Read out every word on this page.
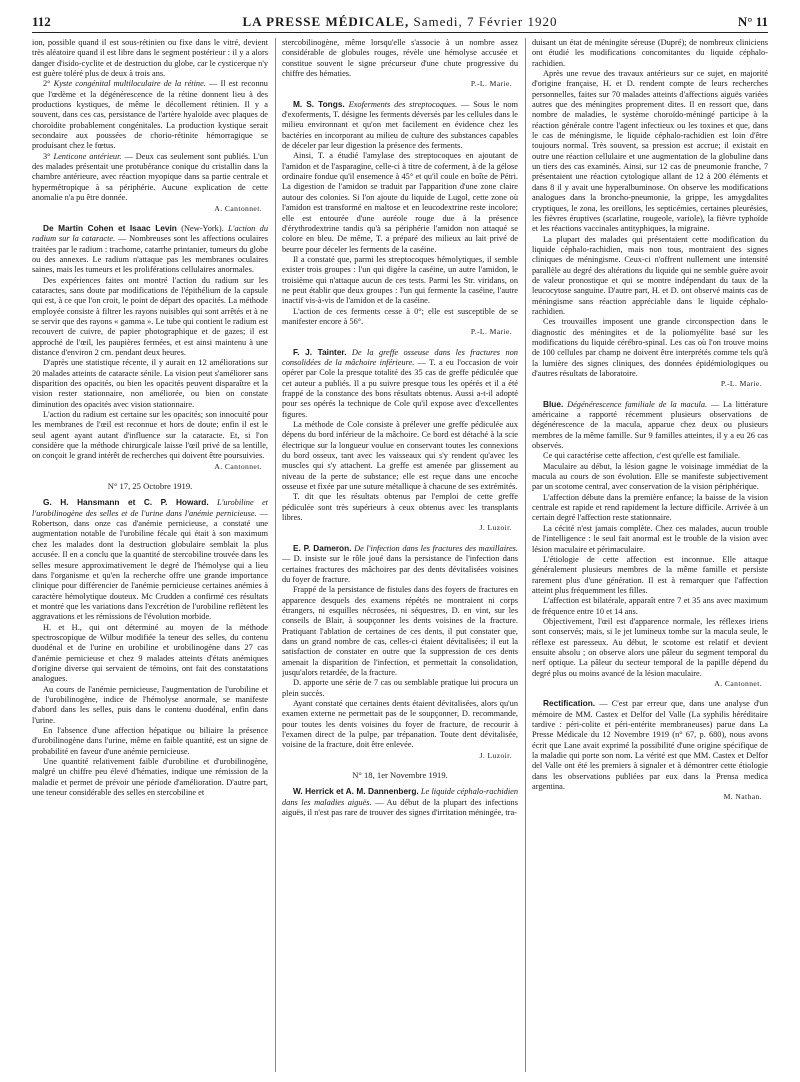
112	LA PRESSE MÉDICALE, Samedi, 7 Février 1920	N° 11

ion, possible quand il est sous-rétinien ou fixe dans le vitré, devient très aléatoire quand il est libre dans le segment postérieur : il y a alors danger d'isido-cyclite et de destruction du globe, car le cysticerque n'y est guère toléré plus de deux à trois ans.

2° Kyste congénital multiloculaire de la rétine. — Il est reconnu que l'œdème et la dégénérescence de la rétine donnent lieu à des productions kystiques, de même le décollement rétinien. Il y a souvent, dans ces cas, persistance de l'artère hyaloïde avec plaques de choroïdite probablement congénitales. La production kystique serait secondaire aux poussées de chorio-rétinite hémorragique se produisant chez le fœtus.

3° Lenticone antérieur. — Deux cas seulement sont publiés. L'un des malades présentait une protubérance conique du cristallin dans la chambre antérieure, avec réaction myopique dans sa partie centrale et hypermétropique à sa périphérie. Aucune explication de cette anomalie n'a pu être donnée.

A. Cantonnet.

De Martin Cohen et Isaac Levin (New-York). L'action du radium sur la cataracte. — Nombreuses sont les affections oculaires traitées par le radium : trachome, catarrhe printanier, tumeurs du globe ou des annexes. Le radium n'attaque pas les membranes oculaires saines, mais les tumeurs et les proliférations cellulaires anormales.

Des expériences faites ont montré l'action du radium sur les cataractes, sans doute par modifications de l'épithélium de la capsule qui est, à ce que l'on croit, le point de départ des opacités. La méthode employée consiste à filtrer les rayons nuisibles qui sont arrêtés et à ne se servir que des rayons « gamma ». Le tube qui contient le radium est recouvert de cuivre, de papier photographique et de gazes; il est approché de l'œil, les paupières fermées, et est ainsi maintenu à une distance d'environ 2 cm. pendant deux heures.

D'après une statistique récente, il y aurait en 12 améliorations sur 20 malades atteints de cataracte sénile. La vision peut s'améliorer sans disparition des opacités, ou bien les opacités peuvent disparaître et la vision rester stationnaire, non améliorée, ou bien on constate diminution des opacités avec vision stationnaire.

L'action du radium est certaine sur les opacités; son innocuité pour les membranes de l'œil est reconnue et hors de doute; enfin il est le seul agent ayant autant d'influence sur la cataracte. Et, si l'on considère que la méthode chirurgicale laisse l'œil privé de sa lentille, on conçoit le grand intérêt de recherches qui doivent être poursuivies.

A. Cantonnet.
N° 17, 25 Octobre 1919.

G. H. Hansmann et C. P. Howard. L'urobiline et l'urobilinogène des selles et de l'urine dans l'anémie pernicieuse. — Robertson, dans onze cas d'anémie pernicieuse, a constaté une augmentation notable de l'urobiline fécale qui était à son maximum chez les malades dont la destruction globulaire semblait la plus accusée. Il en a conclu que la quantité de stercobiline trouvée dans les selles mesure approximativement le degré de l'hémolyse qui a lieu dans l'organisme et qu'en la recherche offre une grande importance clinique pour différencier de l'anémie pernicieuse certaines anémies à caractère hémolytique douteux. Mc Crudden a confirmé ces résultats et montré que les variations dans l'excrétion de l'urobiline reflètent les aggravations et les rémissions de l'évolution morbide.

H. et H., qui ont déterminé au moyen de la méthode spectroscopique de Wilbur modifiée la teneur des selles, du contenu duodénal et de l'urine en urobiline et urobilinogène dans 27 cas d'anémie pernicieuse et chez 9 malades atteints d'états anémiques d'origine diverse qui servaient de témoins, ont fait des constatations analogues.

Au cours de l'anémie pernicieuse, l'augmentation de l'urobiline et de l'urobilinogène, indice de l'hémolyse anormale, se manifeste d'abord dans les selles, puis dans le contenu duodénal, enfin dans l'urine.

En l'absence d'une affection hépatique ou biliaire la présence d'urobilinogène dans l'urine, même en faible quantité, est un signe de probabilité en faveur d'une anémie pernicieuse.

Une quantité relativement faible d'urobiline et d'urobilinogène, malgré un chiffre peu élevé d'hématies, indique une rémission de la maladie et permet de prévoir une période d'amélioration. D'autre part, une teneur considérable des selles en stercobiline et

stercobilinogène, même lorsqu'elle s'associe à un nombre assez considérable de globules rouges, révèle une hémolyse accusée et constitue souvent le signe précurseur d'une chute progressive du chiffre des hématies.

P.-L. Marie.

M. S. Tongs. Exoferments des streptocoques. — Sous le nom d'exoferments, T. désigne les ferments déversés par les cellules dans le milieu environnant et qu'on met facilement en évidence chez les bactéries en incorporant au milieu de culture des substances capables de déceler par leur digestion la présence des ferments.

Ainsi, T. a étudié l'amylase des streptocoques en ajoutant de l'amidon et de l'asparagine, celle-ci à titre de coferment, à de la gélose ordinaire fondue qu'il ensemence à 45° et qu'il coule en boîte de Pétri. La digestion de l'amidon se traduit par l'apparition d'une zone claire autour des colonies. Si l'on ajoute du liquide de Lugol, cette zone où l'amidon est transformé en maltose et en leucodextrine reste incolore; elle est entourée d'une auréole rouge due à la présence d'érythrodextrine tandis qu'à sa périphérie l'amidon non attaqué se colore en bleu. De même, T. a préparé des milieux au lait privé de beurre pour déceler les ferments de la caséine.

Il a constaté que, parmi les streptocoques hémolytiques, il semble exister trois groupes : l'un qui digère la caséine, un autre l'amidon, le troisième qui n'attaque aucun de ces tests. Parmi les Str. viridans, on ne peut établir que deux groupes : l'un qui fermente la caséine, l'autre inactif vis-à-vis de l'amidon et de la caséine.

L'action de ces ferments cesse à 0°; elle est susceptible de se manifester encore à 56°.

P.-L. Marie.

F. J. Tainter. De la greffe osseuse dans les fractures non consolidées de la mâchoire inférieure. — T. a eu l'occasion de voir opérer par Cole la presque totalité des 35 cas de greffe pédiculée que cet auteur a publiés. Il a pu suivre presque tous les opérés et il a été frappé de la constance des bons résultats obtenus. Aussi a-t-il adopté pour ses opérés la technique de Cole qu'il expose avec d'excellentes figures.

La méthode de Cole consiste à prélever une greffe pédiculée aux dépens du bord inférieur de la mâchoire. Ce bord est détaché à la scie électrique sur la longueur voulue en conservant toutes les connexions du bord osseux, tant avec les vaisseaux qui s'y rendent qu'avec les muscles qui s'y attachent. La greffe est amenée par glissement au niveau de la perte de substance; elle est reçue dans une encoche osseuse et fixée par une suture métallique à chacune de ses extrémités.

T. dit que les résultats obtenus par l'emploi de cette greffe pédiculée sont très supérieurs à ceux obtenus avec les transplants libres.

J. Luzoir.

E. P. Dameron. De l'infection dans les fractures des maxillaires. — D. insiste sur le rôle joué dans la persistance de l'infection dans certaines fractures des mâchoires par des dents dévitalisées voisines du foyer de fracture.

Frappé de la persistance de fistules dans des foyers de fractures en apparence desquels des examens répétés ne montraient ni corps étrangers, ni esquilles nécrosées, ni séquestres, D. en vint, sur les conseils de Blair, à soupçonner les dents voisines de la fracture. Pratiquant l'ablation de certaines de ces dents, il put constater que, dans un grand nombre de cas, celles-ci étaient dévitalisées; il eut la satisfaction de constater en outre que la suppression de ces dents amenait la disparition de l'infection, et permettait la consolidation, jusqu'alors retardée, de la fracture.

D. apporte une série de 7 cas ou semblable pratique lui procura un plein succès.

Ayant constaté que certaines dents étaient dévitalisées, alors qu'un examen externe ne permettait pas de le soupçonner, D. recommande, pour toutes les dents voisines du foyer de fracture, de recourir à l'examen direct de la pulpe, par trépanation. Toute dent dévitalisée, voisine de la fracture, doit être enlevée.

J. Luzoir.
N° 18, 1er Novembre 1919.

W. Herrick et A. M. Dannenberg. Le liquide céphalo-rachidien dans les maladies aiguës. — Au début de la plupart des infections aiguës, il n'est pas rare de trouver des signes d'irritation méningée, tra-

duisant un état de méningite séreuse (Dupré); de nombreux cliniciens ont étudié les modifications concomitantes du liquide céphalo-rachidien.

Après une revue des travaux antérieurs sur ce sujet, en majorité d'origine française, H. et D. rendent compte de leurs recherches personnelles, faites sur 70 malades atteints d'affections aiguës variées autres que des méningites proprement dites. Il en ressort que, dans nombre de maladies, le système choroïdo-méningé participe à la réaction générale contre l'agent infectieux ou les toxines et que, dans le cas de méningisme, le liquide céphalo-rachidien est loin d'être toujours normal. Très souvent, sa pression est accrue; il existait en outre une réaction cellulaire et une augmentation de la globuline dans un tiers des cas examinés. Ainsi, sur 12 cas de pneumonie franche, 7 présentaient une réaction cytologique allant de 12 à 200 éléments et dans 8 il y avait une hyperalbuminose. On observe les modifications analogues dans la broncho-pneumonie, la grippe, les amygdalites cryptiques, le zona, les oreillons, les septicémies, certaines pleurésies, les fièvres éruptives (scarlatine, rougeole, variole), la fièvre typhoïde et les réactions vaccinales antityphiques, la migraine.

La plupart des malades qui présentaient cette modification du liquide céphalo-rachidien, mais non tous, montraient des signes cliniques de méningisme. Ceux-ci n'offrent nullement une intensité parallèle au degré des altérations du liquide qui ne semble guère avoir de valeur pronostique et qui se montre indépendant du taux de la leucocytose sanguine. D'autre part, H. et D. ont observé maints cas de méningisme sans réaction appréciable dans le liquide céphalo-rachidien.

Ces trouvailles imposent une grande circonspection dans le diagnostic des méningites et de la poliomyélite basé sur les modifications du liquide cérébro-spinal. Les cas où l'on trouve moins de 100 cellules par champ ne doivent être interprétés comme tels qu'à la lumière des signes cliniques, des données épidémiologiques ou d'autres résultats de laboratoire.

P.-L. Marie.

Blue. Dégénérescence familiale de la macula. — La littérature américaine a rapporté récemment plusieurs observations de dégénérescence de la macula, apparue chez deux ou plusieurs membres de la même famille. Sur 9 familles atteintes, il y a eu 26 cas observés.

Ce qui caractérise cette affection, c'est qu'elle est familiale.

Maculaire au début, la lésion gagne le voisinage immédiat de la macula au cours de son évolution. Elle se manifeste subjectivement par un scotome central, avec conservation de la vision périphérique.

L'affection débute dans la première enfance; la baisse de la vision centrale est rapide et rend rapidement la lecture difficile. Arrivée à un certain degré l'affection reste stationnaire.

La cécité n'est jamais complète. Chez ces malades, aucun trouble de l'intelligence : le seul fait anormal est le trouble de la vision avec lésion maculaire et périmaculaire.

L'étiologie de cette affection est inconnue. Elle attaque généralement plusieurs membres de la même famille et persiste rarement plus d'une génération. Il est à remarquer que l'affection atteint plus fréquemment les filles.

L'affection est bilatérale, apparaît entre 7 et 35 ans avec maximum de fréquence entre 10 et 14 ans.

Objectivement, l'œil est d'apparence normale, les réflexes iriens sont conservés; mais, si le jet lumineux tombe sur la macula seule, le réflexe est paresseux. Au début, le scotome est relatif et devient ensuite absolu ; on observe alors une pâleur du segment temporal du nerf optique. La pâleur du secteur temporal de la papille dépend du degré plus ou moins avancé de la lésion maculaire.

A. Cantonnet.

Rectification. — C'est par erreur que, dans une analyse d'un mémoire de MM. Castex et Delfor del Valle (La syphilis héréditaire tardive : péri-colite et péri-entérite membraneuses) parue dans La Presse Médicale du 12 Novembre 1919 (n° 67, p. 680), nous avons écrit que Lane avait exprimé la possibilité d'une origine spécifique de la maladie qui porte son nom. La vérité est que MM. Castex et Delfor del Valle ont été les premiers à signaler et à démontrer cette étiologie dans les observations publiées par eux dans la Prensa medica argentina.

M. Nathan.
